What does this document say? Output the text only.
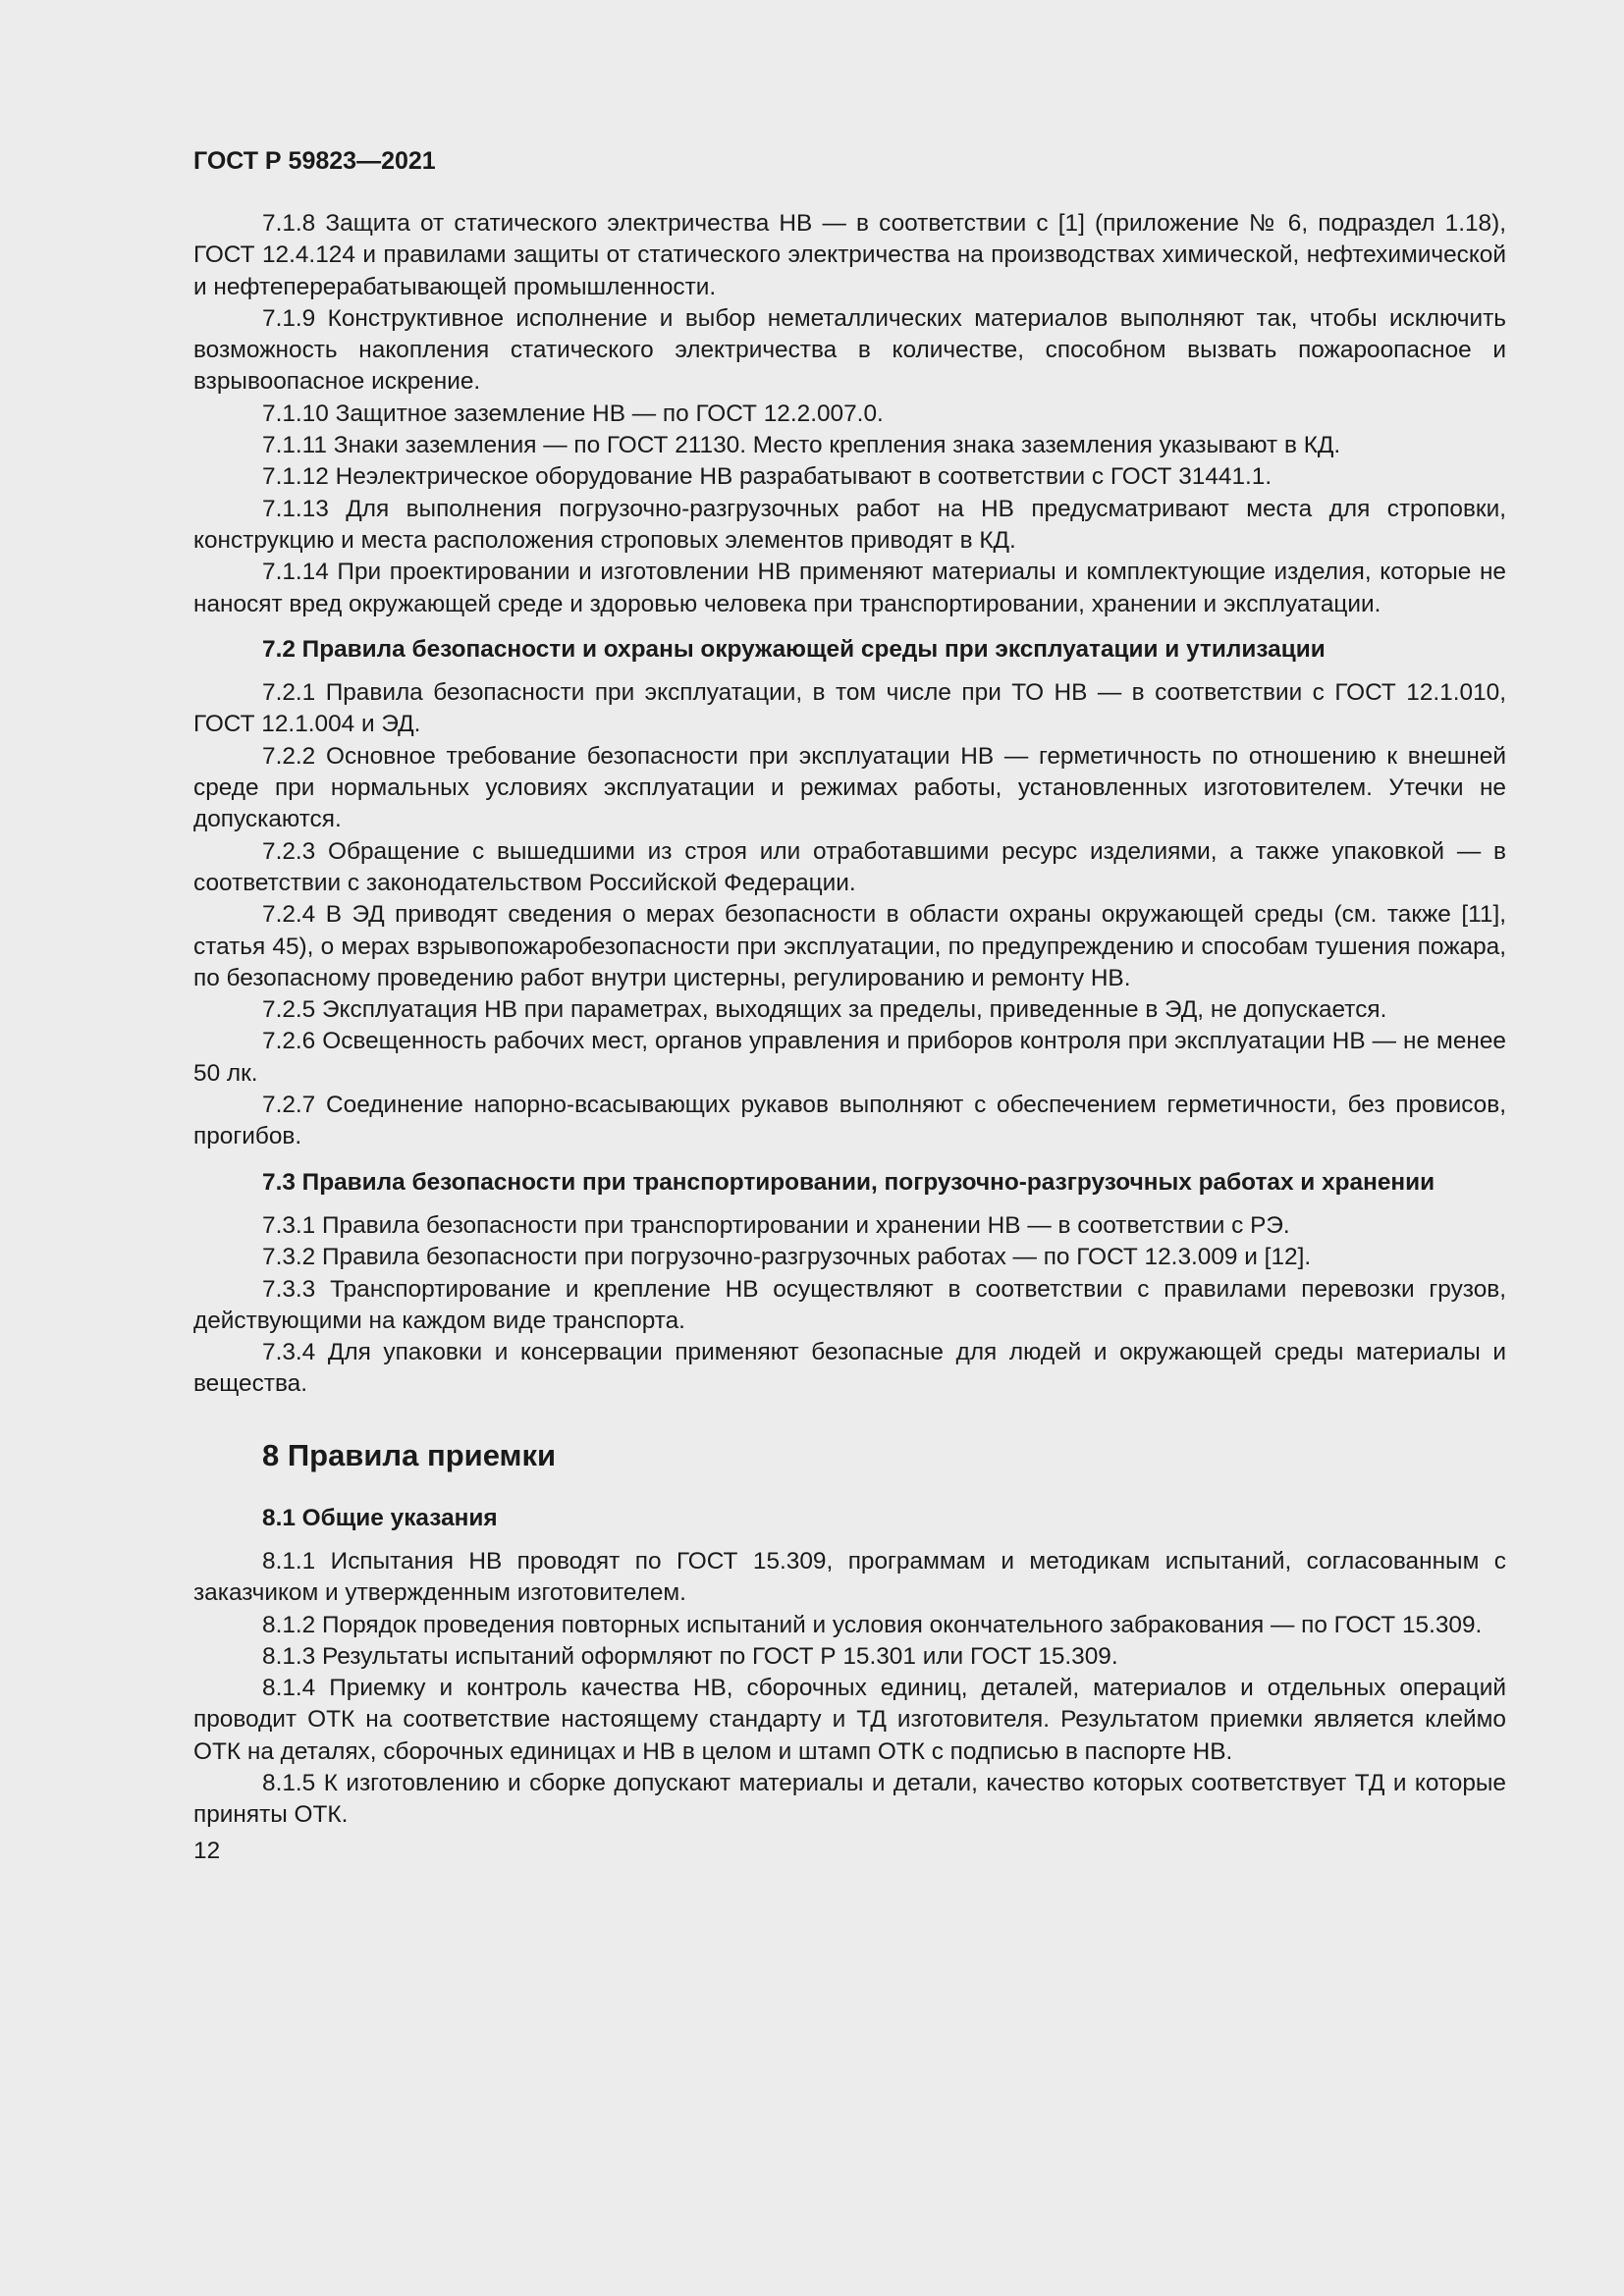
ГОСТ Р 59823—2021

7.1.8 Защита от статического электричества НВ — в соответствии с [1] (приложение № 6, подраздел 1.18), ГОСТ 12.4.124 и правилами защиты от статического электричества на производствах химической, нефтехимической и нефтеперерабатывающей промышленности.

7.1.9 Конструктивное исполнение и выбор неметаллических материалов выполняют так, чтобы исключить возможность накопления статического электричества в количестве, способном вызвать пожароопасное и взрывоопасное искрение.

7.1.10 Защитное заземление НВ — по ГОСТ 12.2.007.0.

7.1.11 Знаки заземления — по ГОСТ 21130. Место крепления знака заземления указывают в КД.

7.1.12 Неэлектрическое оборудование НВ разрабатывают в соответствии с ГОСТ 31441.1.

7.1.13 Для выполнения погрузочно-разгрузочных работ на НВ предусматривают места для строповки, конструкцию и места расположения строповых элементов приводят в КД.

7.1.14 При проектировании и изготовлении НВ применяют материалы и комплектующие изделия, которые не наносят вред окружающей среде и здоровью человека при транспортировании, хранении и эксплуатации.

7.2 Правила безопасности и охраны окружающей среды при эксплуатации и утилизации

7.2.1 Правила безопасности при эксплуатации, в том числе при ТО НВ — в соответствии с ГОСТ 12.1.010, ГОСТ 12.1.004 и ЭД.

7.2.2 Основное требование безопасности при эксплуатации НВ — герметичность по отношению к внешней среде при нормальных условиях эксплуатации и режимах работы, установленных изготовителем. Утечки не допускаются.

7.2.3 Обращение с вышедшими из строя или отработавшими ресурс изделиями, а также упаковкой — в соответствии с законодательством Российской Федерации.

7.2.4 В ЭД приводят сведения о мерах безопасности в области охраны окружающей среды (см. также [11], статья 45), о мерах взрывопожаробезопасности при эксплуатации, по предупреждению и способам тушения пожара, по безопасному проведению работ внутри цистерны, регулированию и ремонту НВ.

7.2.5 Эксплуатация НВ при параметрах, выходящих за пределы, приведенные в ЭД, не допускается.

7.2.6 Освещенность рабочих мест, органов управления и приборов контроля при эксплуатации НВ — не менее 50 лк.

7.2.7 Соединение напорно-всасывающих рукавов выполняют с обеспечением герметичности, без провисов, прогибов.

7.3 Правила безопасности при транспортировании, погрузочно-разгрузочных работах и хранении

7.3.1 Правила безопасности при транспортировании и хранении НВ — в соответствии с РЭ.

7.3.2 Правила безопасности при погрузочно-разгрузочных работах — по ГОСТ 12.3.009 и [12].

7.3.3 Транспортирование и крепление НВ осуществляют в соответствии с правилами перевозки грузов, действующими на каждом виде транспорта.

7.3.4 Для упаковки и консервации применяют безопасные для людей и окружающей среды материалы и вещества.

8 Правила приемки
8.1 Общие указания

8.1.1 Испытания НВ проводят по ГОСТ 15.309, программам и методикам испытаний, согласованным с заказчиком и утвержденным изготовителем.

8.1.2 Порядок проведения повторных испытаний и условия окончательного забракования — по ГОСТ 15.309.

8.1.3 Результаты испытаний оформляют по ГОСТ Р 15.301 или ГОСТ 15.309.

8.1.4 Приемку и контроль качества НВ, сборочных единиц, деталей, материалов и отдельных операций проводит ОТК на соответствие настоящему стандарту и ТД изготовителя. Результатом приемки является клеймо ОТК на деталях, сборочных единицах и НВ в целом и штамп ОТК с подписью в паспорте НВ.

8.1.5 К изготовлению и сборке допускают материалы и детали, качество которых соответствует ТД и которые приняты ОТК.

12
